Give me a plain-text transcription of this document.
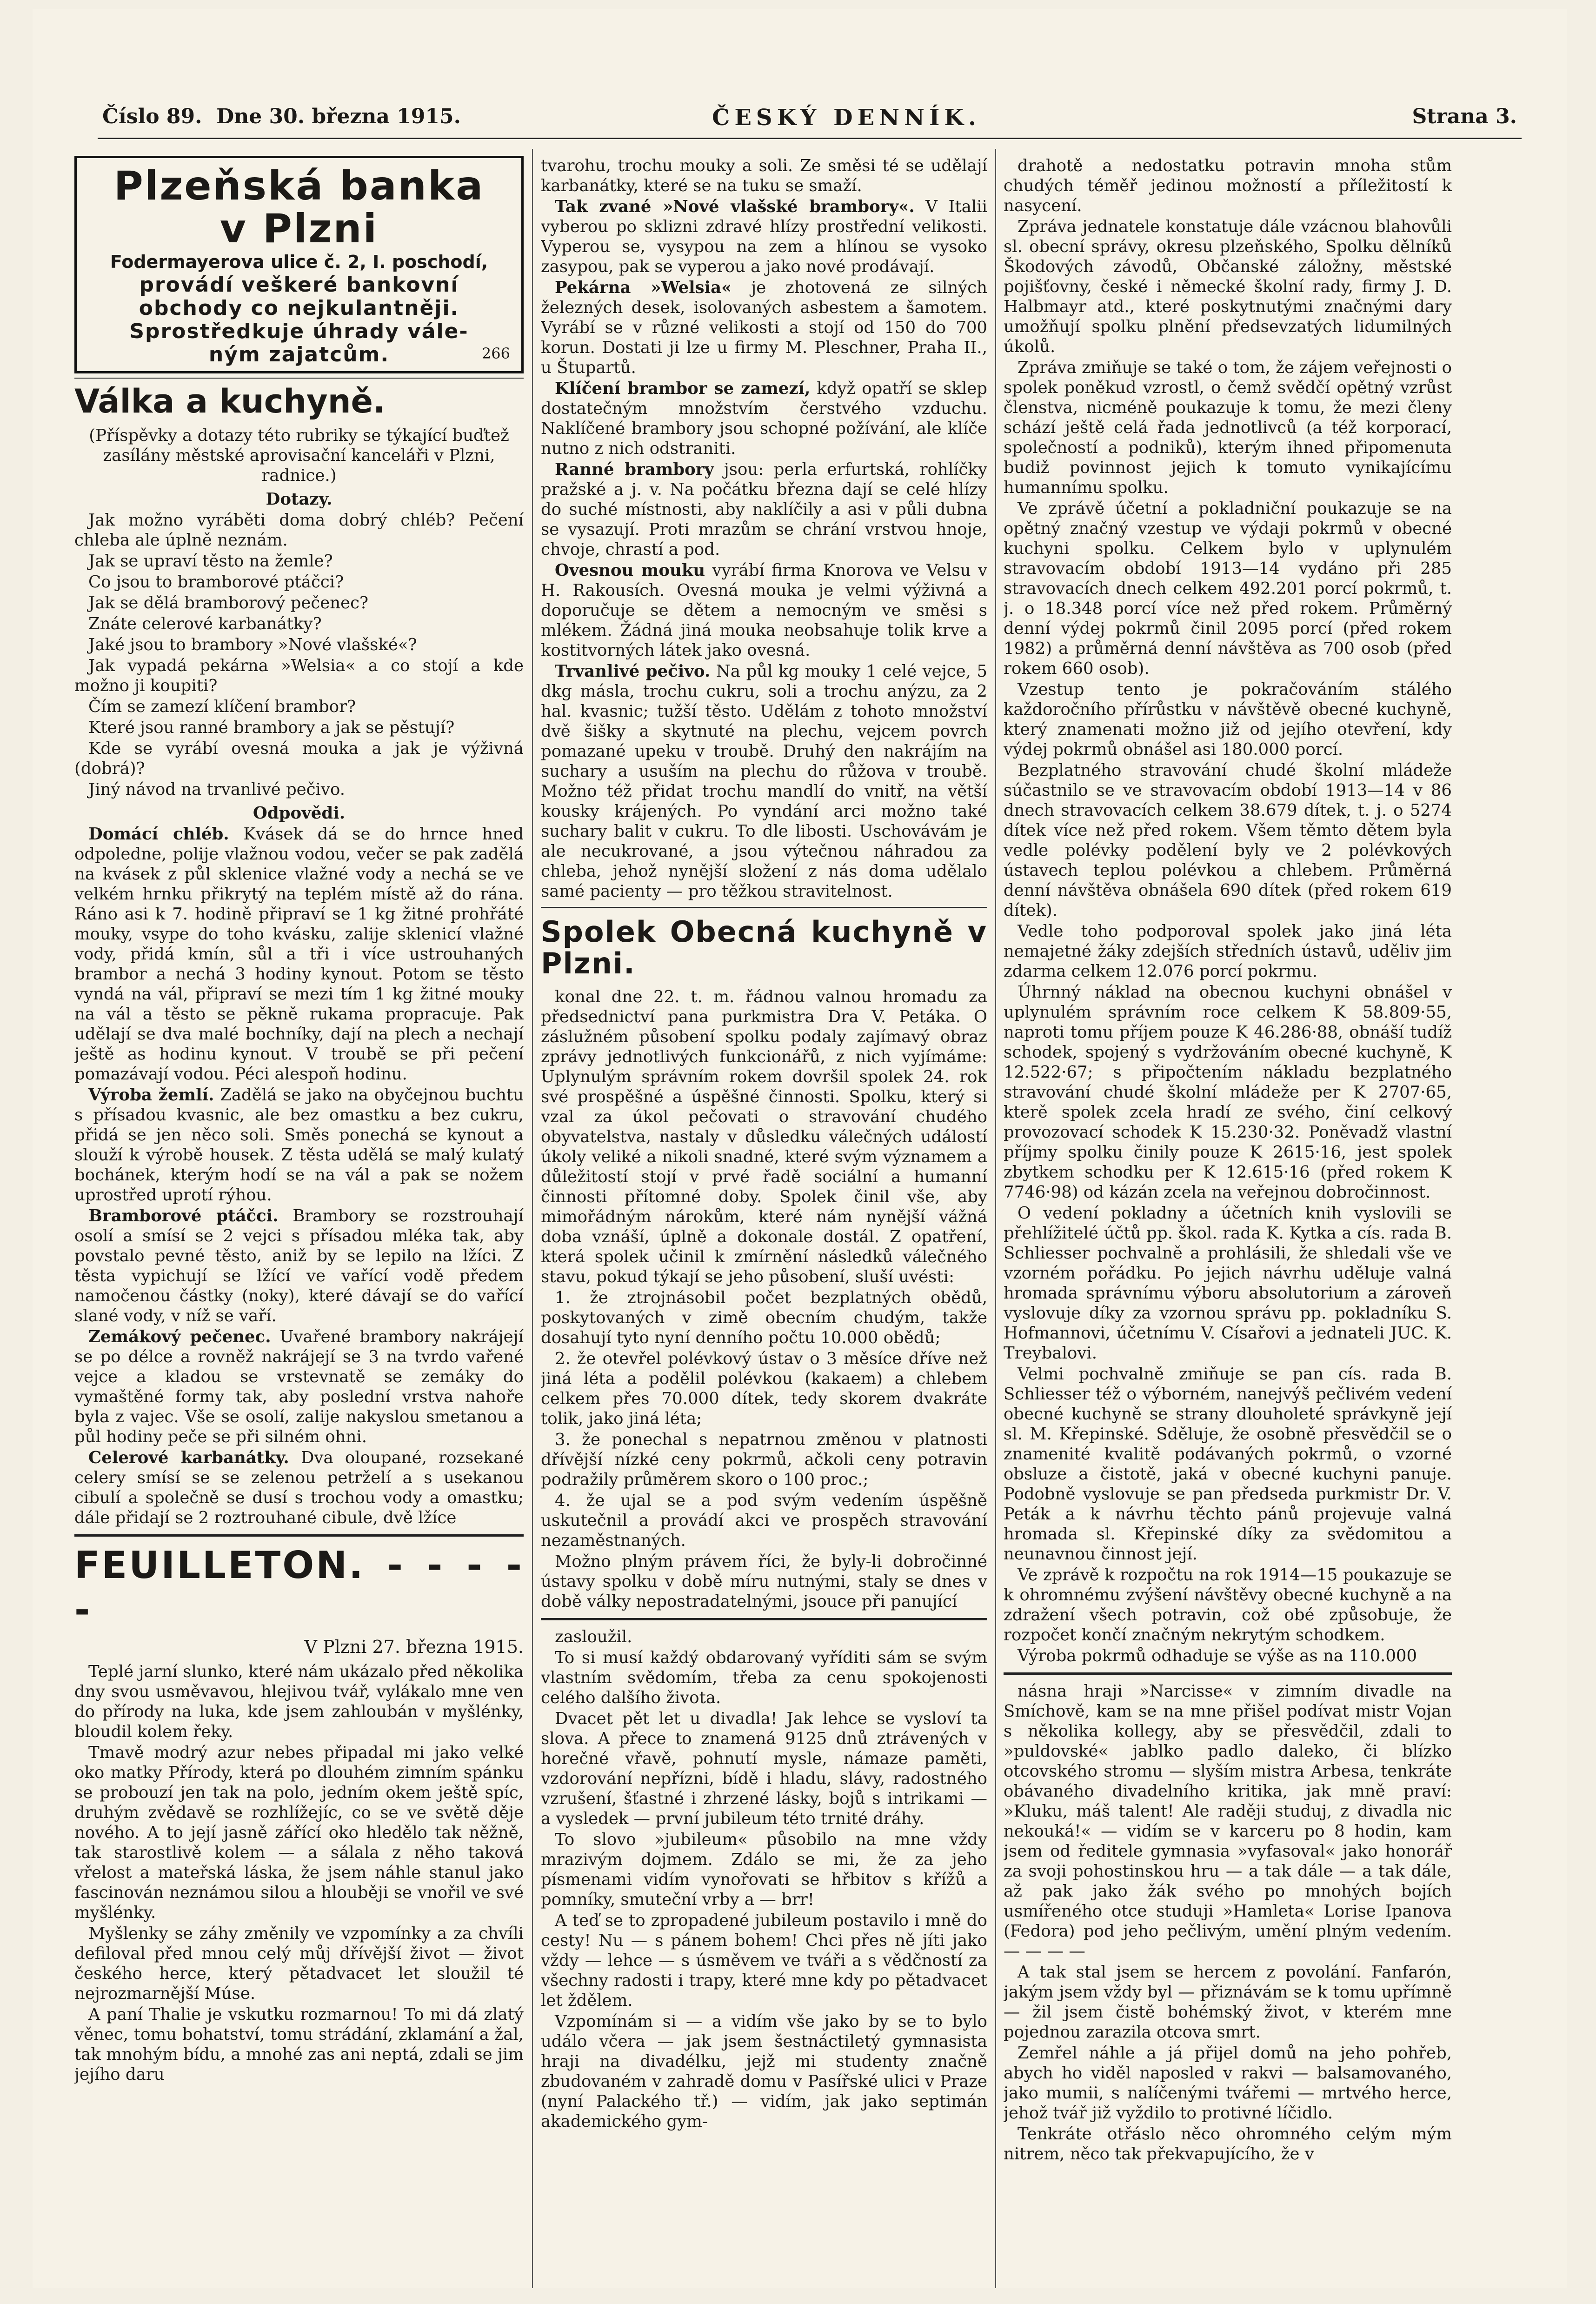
Číslo 89. Dne 30. března 1915.	ČESKÝ DENNÍK.	Strana 3.
Plzeňská banka
v Plzni
Fodermayerova ulice č. 2, I. poschodí,
provádí veškeré bankovní
obchody co nejkulantněji.
Sprostředkuje úhrady vále-
ným zajatcům.	266
Válka a kuchyně.

(Příspěvky a dotazy této rubriky se týkající buďtež zasílány městské aprovisační kanceláři v Plzni, radnice.)

Dotazy.

Jak možno vyráběti doma dobrý chléb? Pečení chleba ale úplně neznám.

Jak se upraví těsto na žemle?

Co jsou to bramborové ptáčci?

Jak se dělá bramborový pečenec?

Znáte celerové karbanátky?

Jaké jsou to brambory »Nové vlašské«?

Jak vypadá pekárna »Welsia« a co stojí a kde možno ji koupiti?

Čím se zamezí klíčení brambor?

Které jsou ranné brambory a jak se pěstují?

Kde se vyrábí ovesná mouka a jak je výživná (dobrá)?

Jiný návod na trvanlivé pečivo.

Odpovědi.

Domácí chléb. Kvásek dá se do hrnce hned odpoledne, polije vlažnou vodou, večer se pak zadělá na kvásek z půl sklenice vlažné vody a nechá se ve velkém hrnku přikrytý na teplém místě až do rána. Ráno asi k 7. hodině připraví se 1 kg žitné prohřáté mouky, vsype do toho kvásku, zalije sklenicí vlažné vody, přidá kmín, sůl a tři i více ustrouhaných brambor a nechá 3 hodiny kynout. Potom se těsto vyndá na vál, připraví se mezi tím 1 kg žitné mouky na vál a těsto se pěkně rukama propracuje. Pak udělají se dva malé bochníky, dají na plech a nechají ještě as hodinu kynout. V troubě se při pečení pomazávají vodou. Péci alespoň hodinu.

Výroba žemlí. Zadělá se jako na obyčejnou buchtu s přísadou kvasnic, ale bez omastku a bez cukru, přidá se jen něco soli. Směs ponechá se kynout a slouží k výrobě housek. Z těsta udělá se malý kulatý bochánek, kterým hodí se na vál a pak se nožem uprostřed uprotí rýhou.

Bramborové ptáčci. Brambory se rozstrouhají osolí a smísí se 2 vejci s přísadou mléka tak, aby povstalo pevné těsto, aniž by se lepilo na lžíci. Z těsta vypichují se lžící ve vařící vodě předem namočenou částky (noky), které dávají se do vařící slané vody, v níž se vaří.

Zemákový pečenec. Uvařené brambory nakrájejí se po délce a rovněž nakrájejí se 3 na tvrdo vařené vejce a kladou se vrstevnatě se zemáky do vymaštěné formy tak, aby poslední vrstva nahoře byla z vajec. Vše se osolí, zalije nakyslou smetanou a půl hodiny peče se při silném ohni.

Celerové karbanátky. Dva oloupané, rozsekané celery smísí se se zelenou petrželí a s usekanou cibulí a společně se dusí s trochou vody a omastku; dále přidají se 2 roztrouhané cibule, dvě lžíce

FEUILLETON. - - - - -
V Plzni 27. března 1915.

Teplé jarní slunko, které nám ukázalo před několika dny svou usměvavou, hlejivou tvář, vylákalo mne ven do přírody na luka, kde jsem zahloubán v myšlénky, bloudil kolem řeky.

Tmavě modrý azur nebes připadal mi jako velké oko matky Přírody, která po dlouhém zimním spánku se probouzí jen tak na polo, jedním okem ještě spíc, druhým zvědavě se rozhlížejíc, co se ve světě děje nového. A to její jasně zářící oko hledělo tak něžně, tak starostlivě kolem — a sálala z něho taková vřelost a mateřská láska, že jsem náhle stanul jako fascinován neznámou silou a hlouběji se vnořil ve své myšlénky.

Myšlenky se záhy změnily ve vzpomínky a za chvíli defiloval před mnou celý můj dřívější život — život českého herce, který pětadvacet let sloužil té nejrozmarnější Múse.

A paní Thalie je vskutku rozmarnou! To mi dá zlatý věnec, tomu bohatství, tomu strádání, zklamání a žal, tak mnohým bídu, a mnohé zas ani neptá, zdali se jim jejího daru

tvarohu, trochu mouky a soli. Ze směsi té se udělají karbanátky, které se na tuku se smaží.

Tak zvané »Nové vlašské brambory«. V Italii vyberou po sklizni zdravé hlízy prostřední velikosti. Vyperou se, vysypou na zem a hlínou se vysoko zasypou, pak se vyperou a jako nové prodávají.

Pekárna »Welsia« je zhotovená ze silných železných desek, isolovaných asbestem a šamotem. Vyrábí se v různé velikosti a stojí od 150 do 700 korun. Dostati ji lze u firmy M. Pleschner, Praha II., u Štupartů.

Klíčení brambor se zamezí, když opatří se sklep dostatečným množstvím čerstvého vzduchu. Naklíčené brambory jsou schopné požívání, ale klíče nutno z nich odstraniti.

Ranné brambory jsou: perla erfurtská, rohlíčky pražské a j. v. Na počátku března dají se celé hlízy do suché místnosti, aby naklíčily a asi v půli dubna se vysazují. Proti mrazům se chrání vrstvou hnoje, chvoje, chrastí a pod.

Ovesnou mouku vyrábí firma Knorova ve Velsu v H. Rakousích. Ovesná mouka je velmi výživná a doporučuje se dětem a nemocným ve směsi s mlékem. Žádná jiná mouka neobsahuje tolik krve a kostitvorných látek jako ovesná.

Trvanlivé pečivo. Na půl kg mouky 1 celé vejce, 5 dkg másla, trochu cukru, soli a trochu anýzu, za 2 hal. kvasnic; tužší těsto. Udělám z tohoto množství dvě šišky a skytnuté na plechu, vejcem povrch pomazané upeku v troubě. Druhý den nakrájím na suchary a usuším na plechu do růžova v troubě. Možno též přidat trochu mandlí do vnitř, na větší kousky krájených. Po vyndání arci možno také suchary balit v cukru. To dle libosti. Uschovávám je ale necukrované, a jsou výtečnou náhradou za chleba, jehož nynější složení z nás doma udělalo samé pacienty — pro těžkou stravitelnost.

Spolek Obecná kuchyně v Plzni.

konal dne 22. t. m. řádnou valnou hromadu za předsednictví pana purkmistra Dra V. Petáka. O záslužném působení spolku podaly zajímavý obraz zprávy jednotlivých funkcionářů, z nich vyjímáme: Uplynulým správním rokem dovršil spolek 24. rok své prospěšné a úspěšné činnosti. Spolku, který si vzal za úkol pečovati o stravování chudého obyvatelstva, nastaly v důsledku válečných událostí úkoly veliké a nikoli snadné, které svým významem a důležitostí stojí v prvé řadě sociální a humanní činnosti přítomné doby. Spolek činil vše, aby mimořádným nárokům, které nám nynější vážná doba vznáší, úplně a dokonale dostál. Z opatření, která spolek učinil k zmírnění následků válečného stavu, pokud týkají se jeho působení, sluší uvésti:

1. že ztrojnásobil počet bezplatných obědů, poskytovaných v zimě obecním chudým, takže dosahují tyto nyní denního počtu 10.000 obědů;

2. že otevřel polévkový ústav o 3 měsíce dříve než jiná léta a podělil polévkou (kakaem) a chlebem celkem přes 70.000 dítek, tedy skorem dvakráte tolik, jako jiná léta;

3. že ponechal s nepatrnou změnou v platnosti dřívější nízké ceny pokrmů, ačkoli ceny potravin podražily průměrem skoro o 100 proc.;

4. že ujal se a pod svým vedením úspěšně uskutečnil a provádí akci ve prospěch stravování nezaměstnaných.

Možno plným právem říci, že byly-li dobročinné ústavy spolku v době míru nutnými, staly se dnes v době války nepostradatelnými, jsouce při panující

zasloužil.

To si musí každý obdarovaný vyříditi sám se svým vlastním svědomím, třeba za cenu spokojenosti celého dalšího života.

Dvacet pět let u divadla! Jak lehce se vysloví ta slova. A přece to znamená 9125 dnů ztrávených v horečné vřavě, pohnutí mysle, námaze paměti, vzdorování nepřízni, bídě i hladu, slávy, radostného vzrušení, šťastné i zhrzené lásky, bojů s intrikami — a vysledek — první jubileum této trnité dráhy.

To slovo »jubileum« působilo na mne vždy mrazivým dojmem. Zdálo se mi, že za jeho písmenami vidím vynořovati se hřbitov s křížů a pomníky, smuteční vrby a — brr!

A teď se to zpropadené jubileum postavilo i mně do cesty! Nu — s pánem bohem! Chci přes ně jíti jako vždy — lehce — s úsměvem ve tváři a s vědčností za všechny radosti i trapy, které mne kdy po pětadvacet let ždělem.

Vzpomínám si — a vidím vše jako by se to bylo událo včera — jak jsem šestnáctiletý gymnasista hraji na divadélku, jejž mi studenty značně zbudovaném v zahradě domu v Pasířské ulici v Praze (nyní Palackého tř.) — vidím, jak jako septimán akademického gym-

drahotě a nedostatku potravin mnoha stům chudých téměř jedinou možností a příležitostí k nasycení.

Zpráva jednatele konstatuje dále vzácnou blahovůli sl. obecní správy, okresu plzeňského, Spolku dělníků Škodových závodů, Občanské záložny, městské pojišťovny, české i německé školní rady, firmy J. D. Halbmayr atd., které poskytnutými značnými dary umožňují spolku plnění předsevzatých lidumilných úkolů.

Zpráva zmiňuje se také o tom, že zájem veřejnosti o spolek poněkud vzrostl, o čemž svědčí opětný vzrůst členstva, nicméně poukazuje k tomu, že mezi členy schází ještě celá řada jednotlivců (a též korporací, společností a podniků), kterým ihned připomenuta budiž povinnost jejich k tomuto vynikajícímu humannímu spolku.

Ve zprávě účetní a pokladniční poukazuje se na opětný značný vzestup ve výdaji pokrmů v obecné kuchyni spolku. Celkem bylo v uplynulém stravovacím období 1913—14 vydáno při 285 stravovacích dnech celkem 492.201 porcí pokrmů, t. j. o 18.348 porcí více než před rokem. Průměrný denní výdej pokrmů činil 2095 porcí (před rokem 1982) a průměrná denní návštěva as 700 osob (před rokem 660 osob).

Vzestup tento je pokračováním stálého každoročního přírůstku v návštěvě obecné kuchyně, který znamenati možno již od jejího otevření, kdy výdej pokrmů obnášel asi 180.000 porcí.

Bezplatného stravování chudé školní mládeže súčastnilo se ve stravovacím období 1913—14 v 86 dnech stravovacích celkem 38.679 dítek, t. j. o 5274 dítek více než před rokem. Všem těmto dětem byla vedle polévky podělení byly ve 2 polévkových ústavech teplou polévkou a chlebem. Průměrná denní návštěva obnášela 690 dítek (před rokem 619 dítek).

Vedle toho podporoval spolek jako jiná léta nemajetné žáky zdejších středních ústavů, uděliv jim zdarma celkem 12.076 porcí pokrmu.

Úhrnný náklad na obecnou kuchyni obnášel v uplynulém správním roce celkem K 58.809·55, naproti tomu příjem pouze K 46.286·88, obnáší tudíž schodek, spojený s vydržováním obecné kuchyně, K 12.522·67; s připočtením nákladu bezplatného stravování chudé školní mládeže per K 2707·65, kterě spolek zcela hradí ze svého, činí celkový provozovací schodek K 15.230·32. Poněvadž vlastní příjmy spolku činily pouze K 2615·16, jest spolek zbytkem schodku per K 12.615·16 (před rokem K 7746·98) od kázán zcela na veřejnou dobročinnost.

O vedení pokladny a účetních knih vyslovili se přehlížitelé účtů pp. škol. rada K. Kytka a cís. rada B. Schliesser pochvalně a prohlásili, že shledali vše ve vzorném pořádku. Po jejich návrhu uděluje valná hromada správnímu výboru absolutorium a zároveň vyslovuje díky za vzornou správu pp. pokladníku S. Hofmannovi, účetnímu V. Císařovi a jednateli JUC. K. Treybalovi.

Velmi pochvalně zmiňuje se pan cís. rada B. Schliesser též o výborném, nanejvýš pečlivém vedení obecné kuchyně se strany dlouholeté správkyně její sl. M. Křepinské. Sděluje, že osobně přesvědčil se o znamenité kvalitě podávaných pokrmů, o vzorné obsluze a čistotě, jaká v obecné kuchyni panuje. Podobně vyslovuje se pan předseda purkmistr Dr. V. Peták a k návrhu těchto pánů projevuje valná hromada sl. Křepinské díky za svědomitou a neunavnou činnost její.

Ve zprávě k rozpočtu na rok 1914—15 poukazuje se k ohromnému zvýšení návštěvy obecné kuchyně a na zdražení všech potravin, což obé způsobuje, že rozpočet končí značným nekrytým schodkem.

Výroba pokrmů odhaduje se výše as na 110.000

násna hraji »Narcisse« v zimním divadle na Smíchově, kam se na mne přišel podívat mistr Vojan s několika kollegy, aby se přesvědčil, zdali to »puldovské« jablko padlo daleko, či blízko otcovského stromu — slyším mistra Arbesa, tenkráte obávaného divadelního kritika, jak mně praví: »Kluku, máš talent! Ale raději studuj, z divadla nic nekouká!« — vidím se v karceru po 8 hodin, kam jsem od ředitele gymnasia »vyfasoval« jako honorář za svoji pohostinskou hru — a tak dále — a tak dále, až pak jako žák svého po mnohých bojích usmířeného otce studuji »Hamleta« Lorise Ipanova (Fedora) pod jeho pečlivým, umění plným vedením. — — — —

A tak stal jsem se hercem z povolání. Fanfarón, jakým jsem vždy byl — přiznávám se k tomu upřímně — žil jsem čistě bohémský život, v kterém mne pojednou zarazila otcova smrt.

Zemřel náhle a já přijel domů na jeho pohřeb, abych ho viděl naposled v rakvi — balsamovaného, jako mumii, s nalíčenými tvářemi — mrtvého herce, jehož tvář již vyždilo to protivné líčidlo.

Tenkráte otřáslo něco ohromného celým mým nitrem, něco tak překvapujícího, že v
